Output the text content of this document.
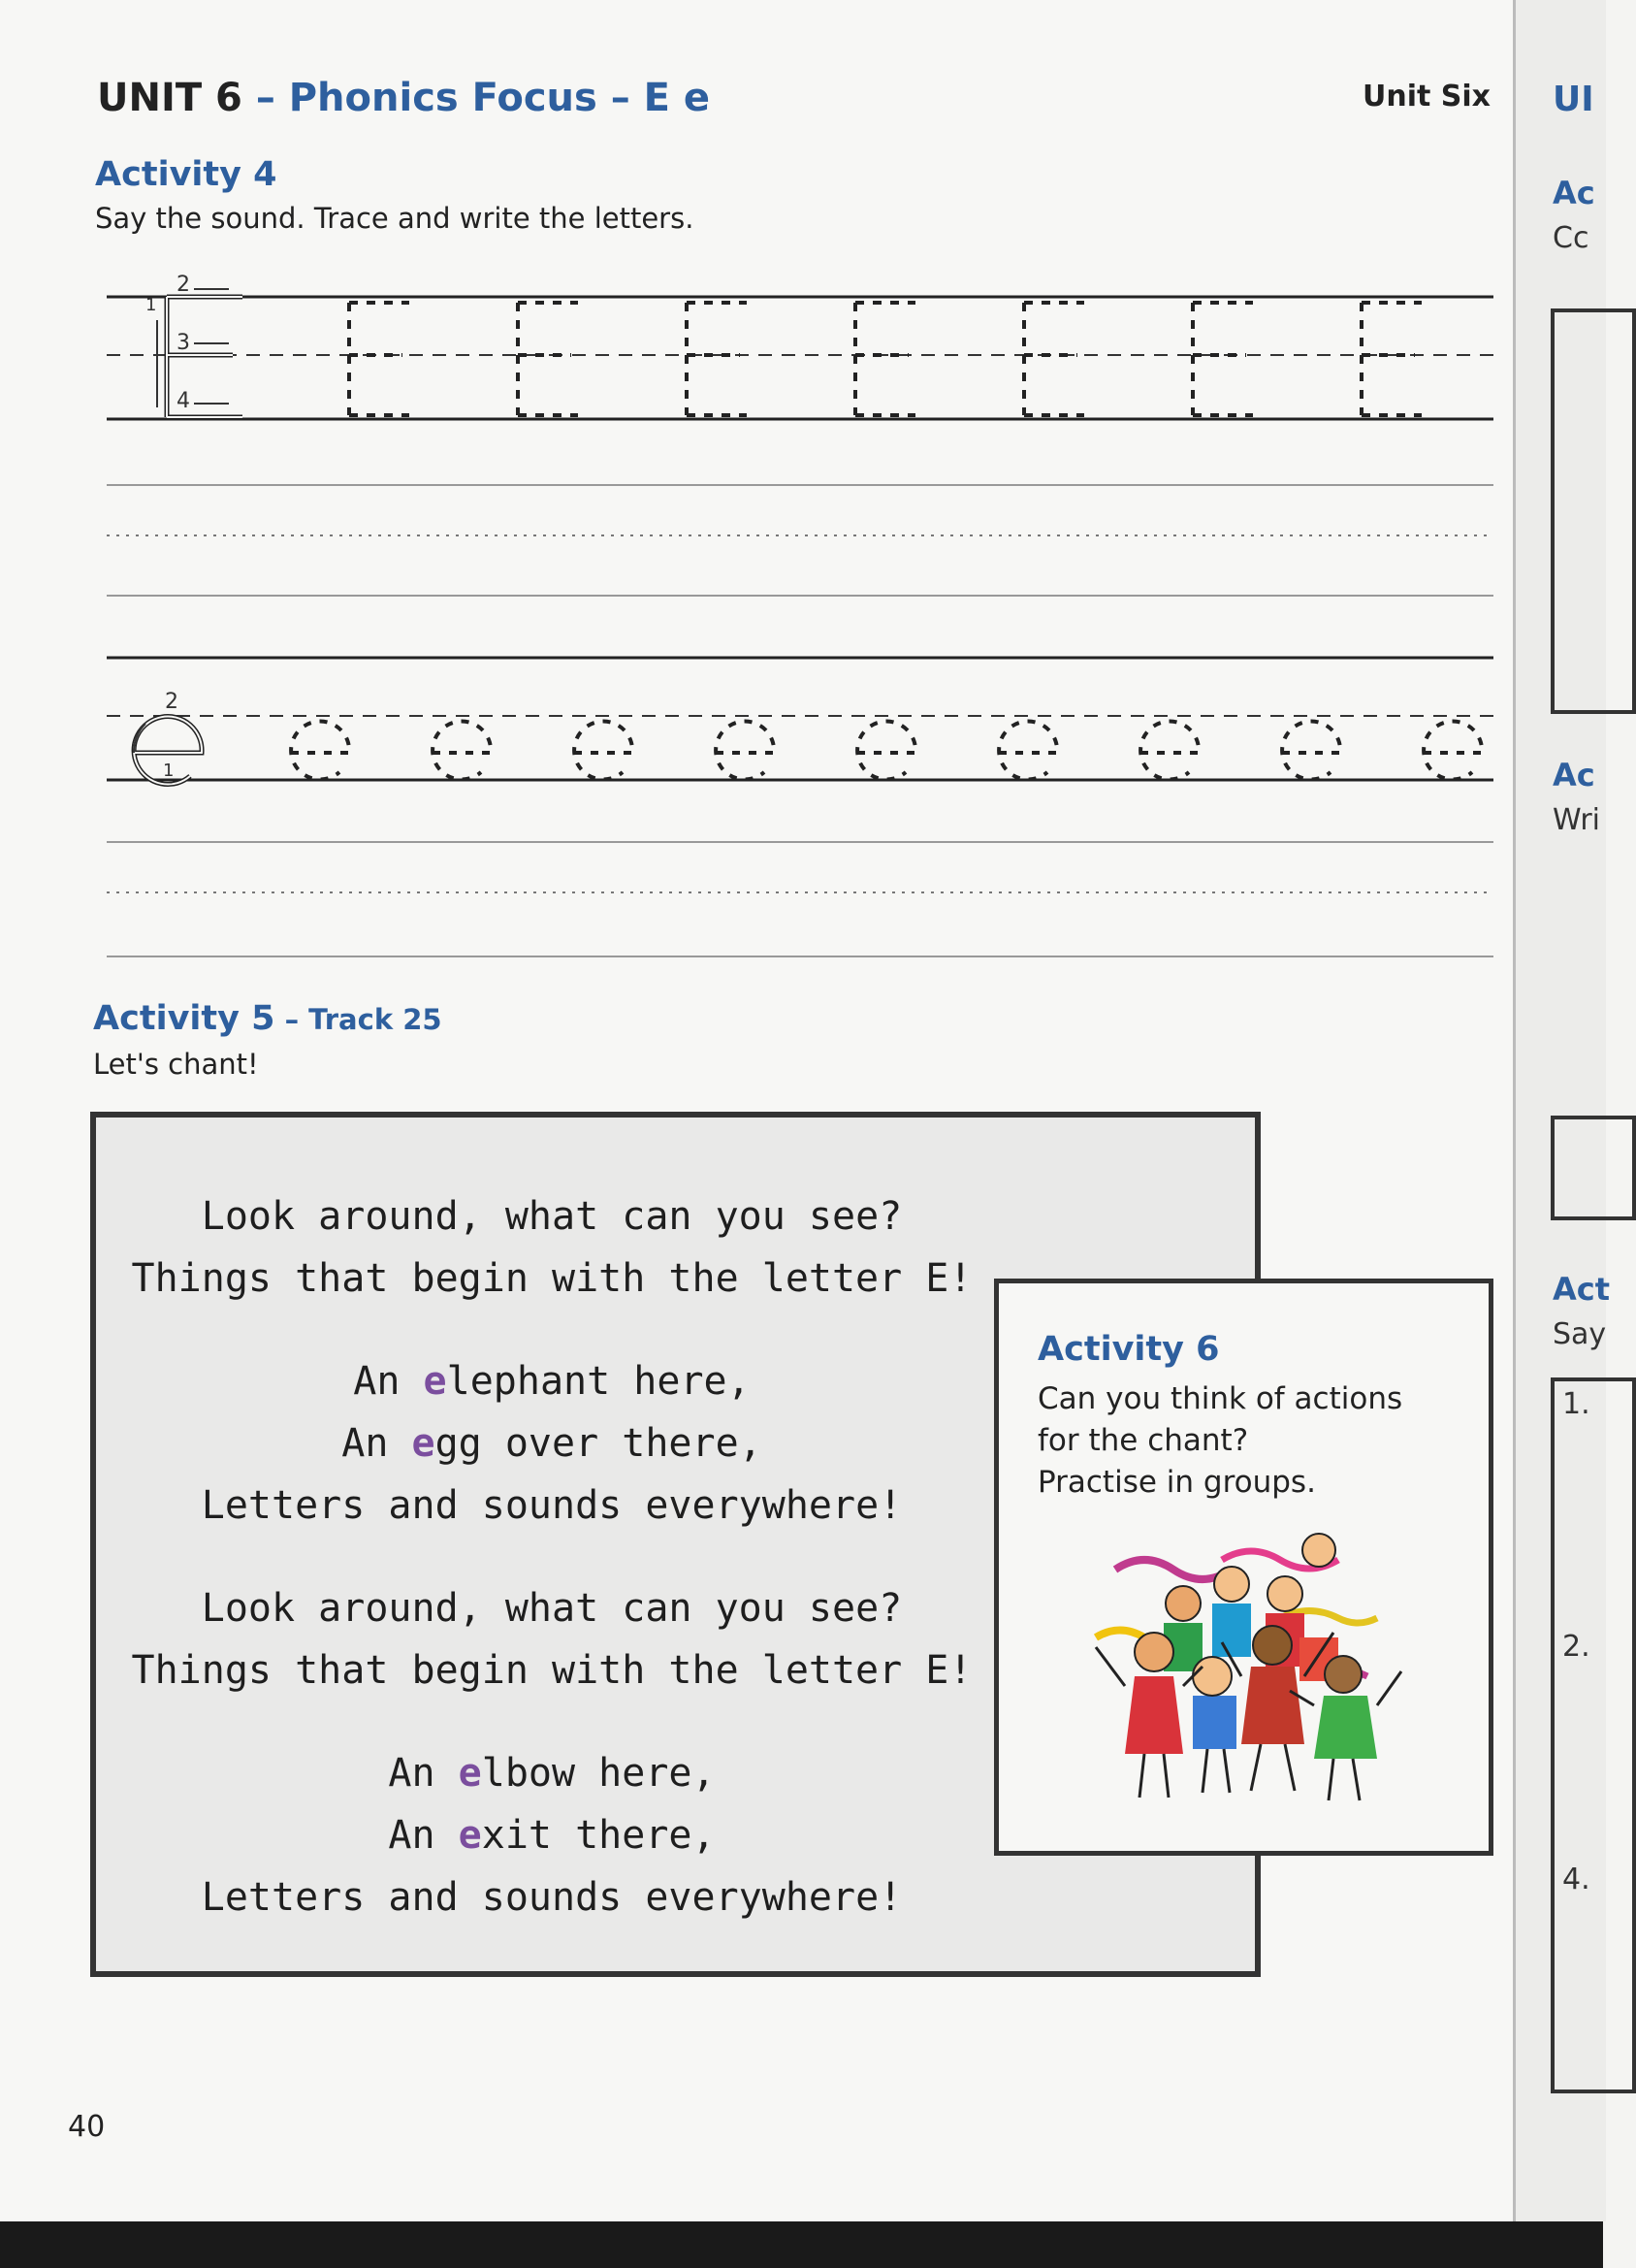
UNIT 6 – Phonics Focus – E e	Unit Six
Activity 4
Say the sound. Trace and write the letters.
1
2
3
4
2
1
Activity 5 – Track 25
Let's chant!
Look around, what can you see?
Things that begin with the letter E!
An elephant here,
An egg over there,
Letters and sounds everywhere!
Look around, what can you see?
Things that begin with the letter E!
An elbow here,
An exit there,
Letters and sounds everywhere!
Activity 6
Can you think of actions
for the chant?
Practise in groups.
40
UI
Ac
Cc
Ac
Wri
Act
Say
1.
2.
4.
